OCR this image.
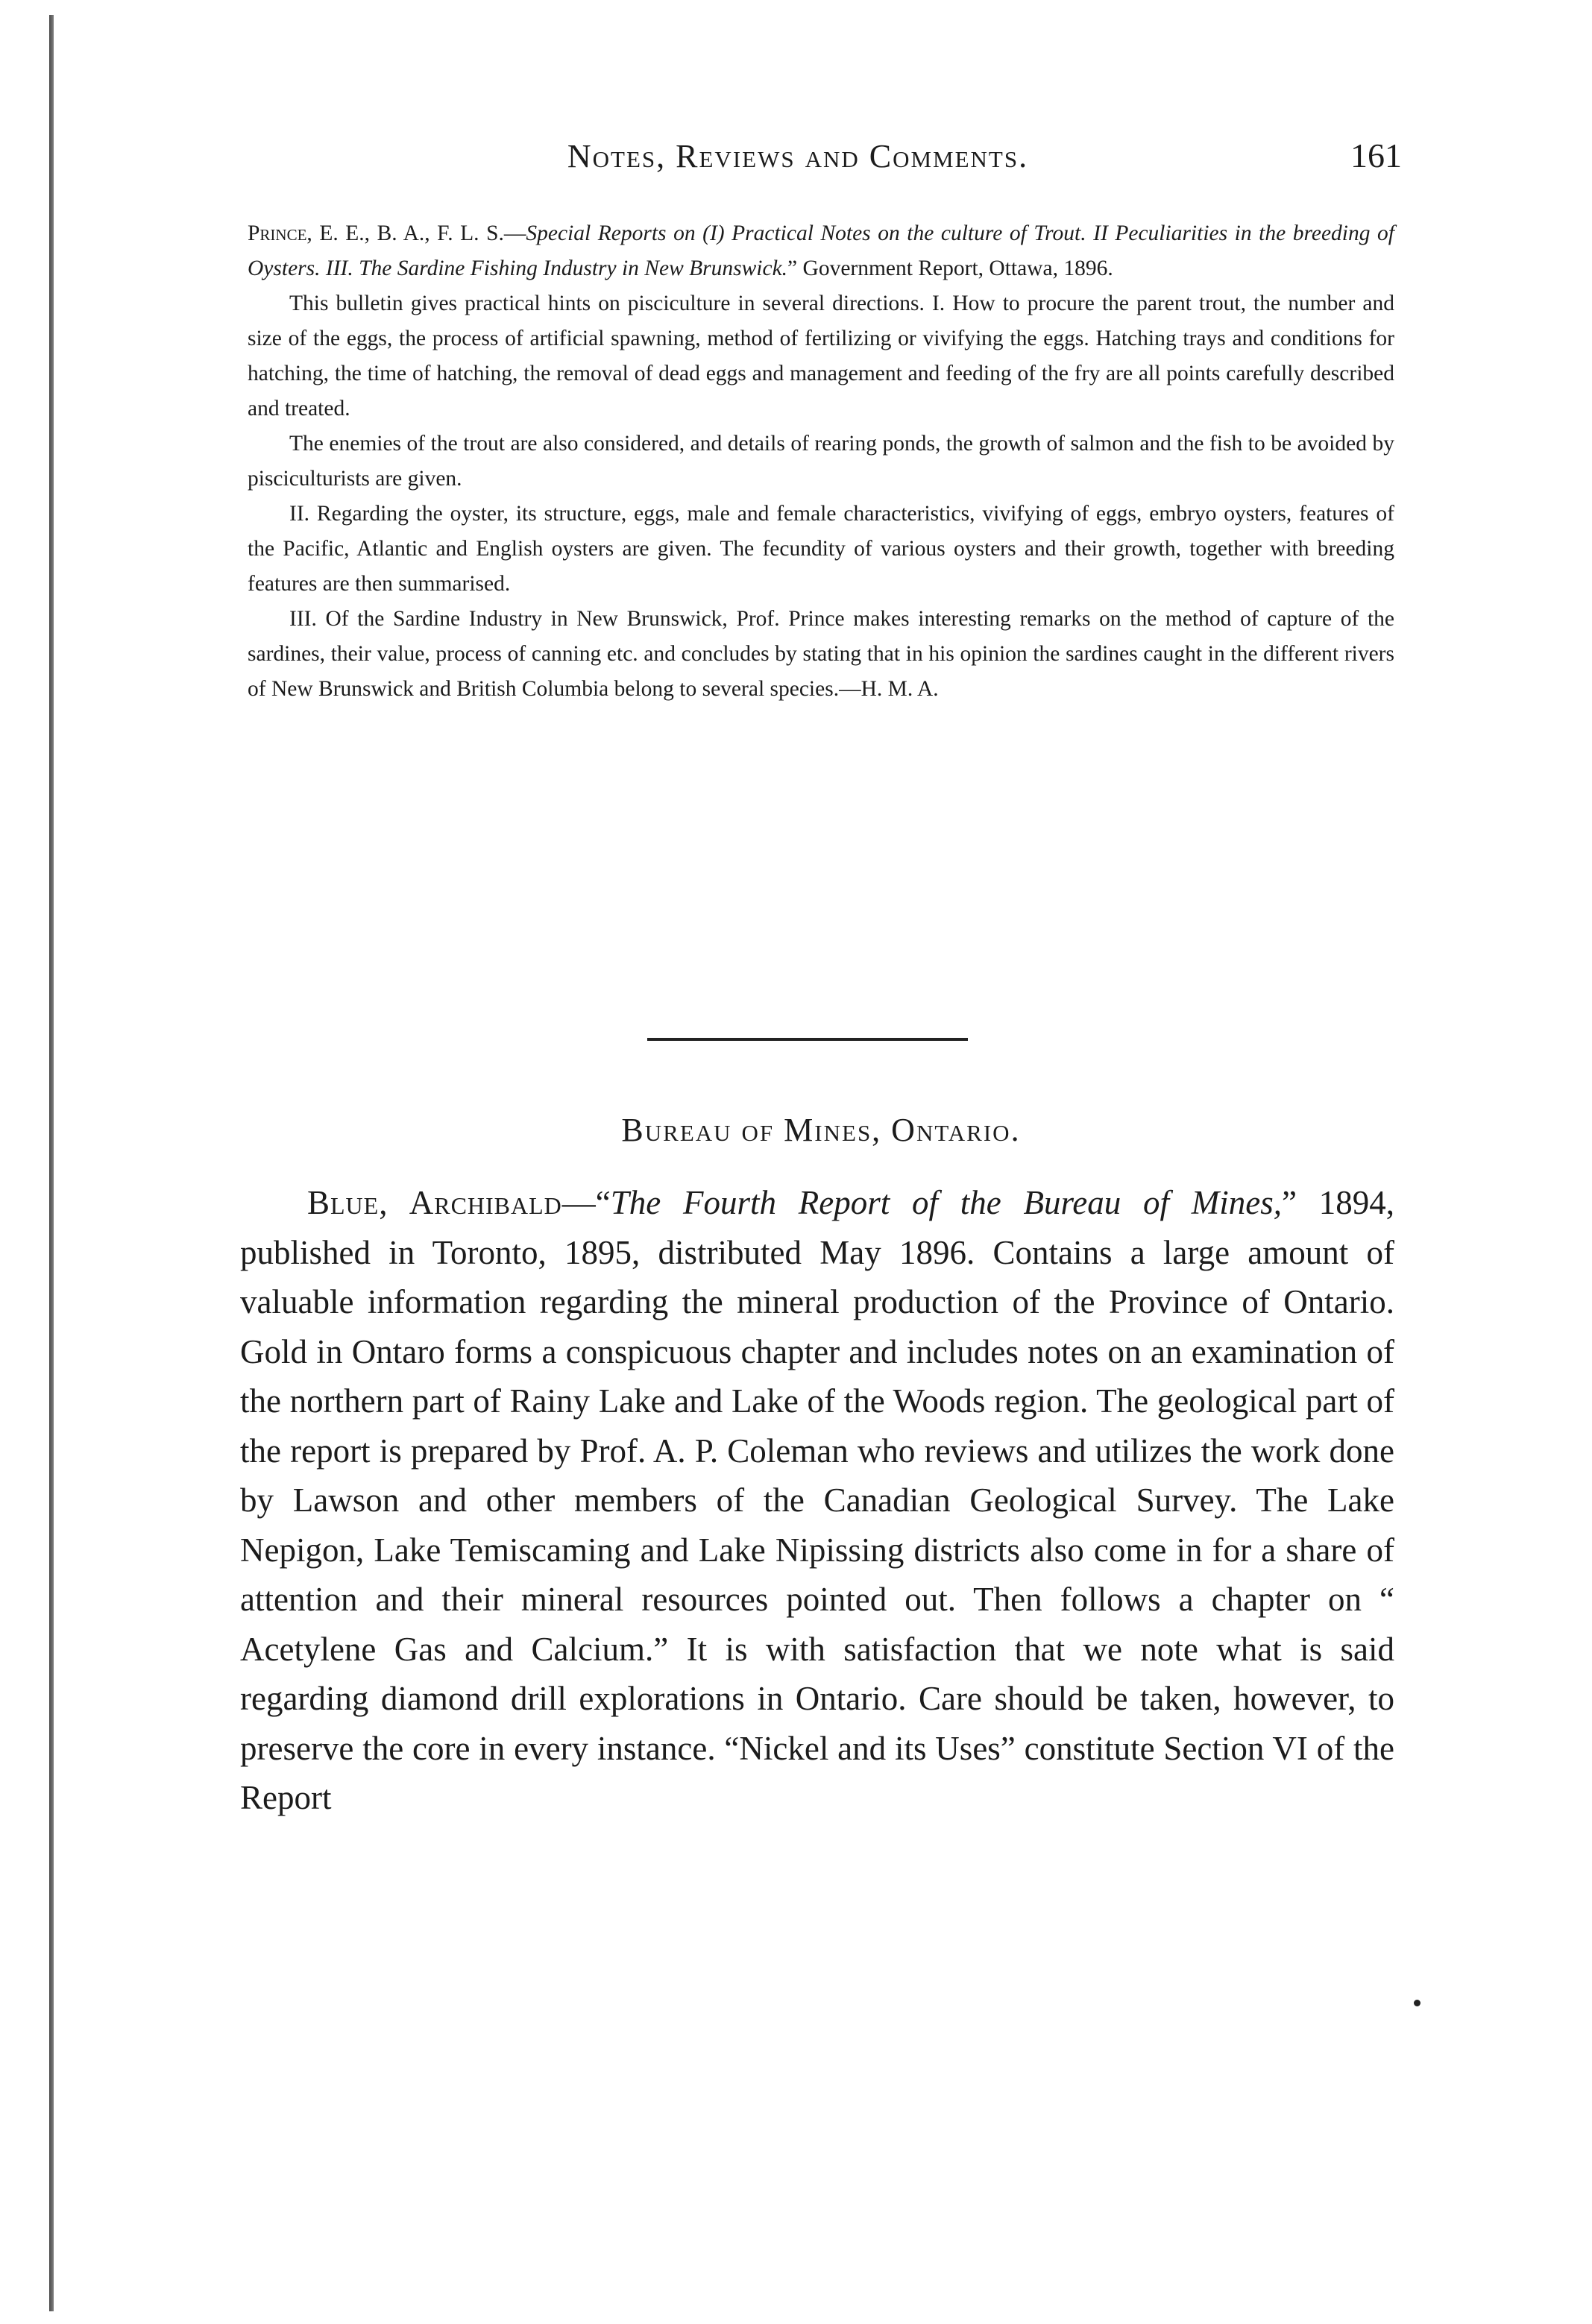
Notes, Reviews and Comments.	161

Prince, E. E., B. A., F. L. S.—Special Reports on (I) Practical Notes on the culture of Trout. II Peculiarities in the breeding of Oysters. III. The Sardine Fishing Industry in New Brunswick.” Government Report, Ottawa, 1896.

This bulletin gives practical hints on pisciculture in several directions. I. How to procure the parent trout, the number and size of the eggs, the process of artificial spawning, method of fertilizing or vivifying the eggs. Hatching trays and conditions for hatching, the time of hatching, the removal of dead eggs and management and feeding of the fry are all points carefully described and treated.

The enemies of the trout are also considered, and details of rearing ponds, the growth of salmon and the fish to be avoided by pisciculturists are given.

II. Regarding the oyster, its structure, eggs, male and female characteristics, vivifying of eggs, embryo oysters, features of the Pacific, Atlantic and English oysters are given. The fecundity of various oysters and their growth, together with breeding features are then summarised.

III. Of the Sardine Industry in New Brunswick, Prof. Prince makes interesting remarks on the method of capture of the sardines, their value, process of canning etc. and concludes by stating that in his opinion the sardines caught in the different rivers of New Brunswick and British Columbia belong to several species.—H. M. A.

Bureau of Mines, Ontario.

Blue, Archibald—“The Fourth Report of the Bureau of Mines,” 1894, published in Toronto, 1895, distributed May 1896. Contains a large amount of valuable information regarding the mineral production of the Province of Ontario. Gold in Ontaro forms a conspicuous chapter and includes notes on an examination of the northern part of Rainy Lake and Lake of the Woods region. The geological part of the report is prepared by Prof. A. P. Coleman who reviews and utilizes the work done by Lawson and other members of the Canadian Geological Survey. The Lake Nepigon, Lake Temiscaming and Lake Nipissing districts also come in for a share of attention and their mineral resources pointed out. Then follows a chapter on “ Acetylene Gas and Calcium.” It is with satisfaction that we note what is said regarding diamond drill explorations in Ontario. Care should be taken, however, to preserve the core in every instance. “Nickel and its Uses” constitute Section VI of the Report
